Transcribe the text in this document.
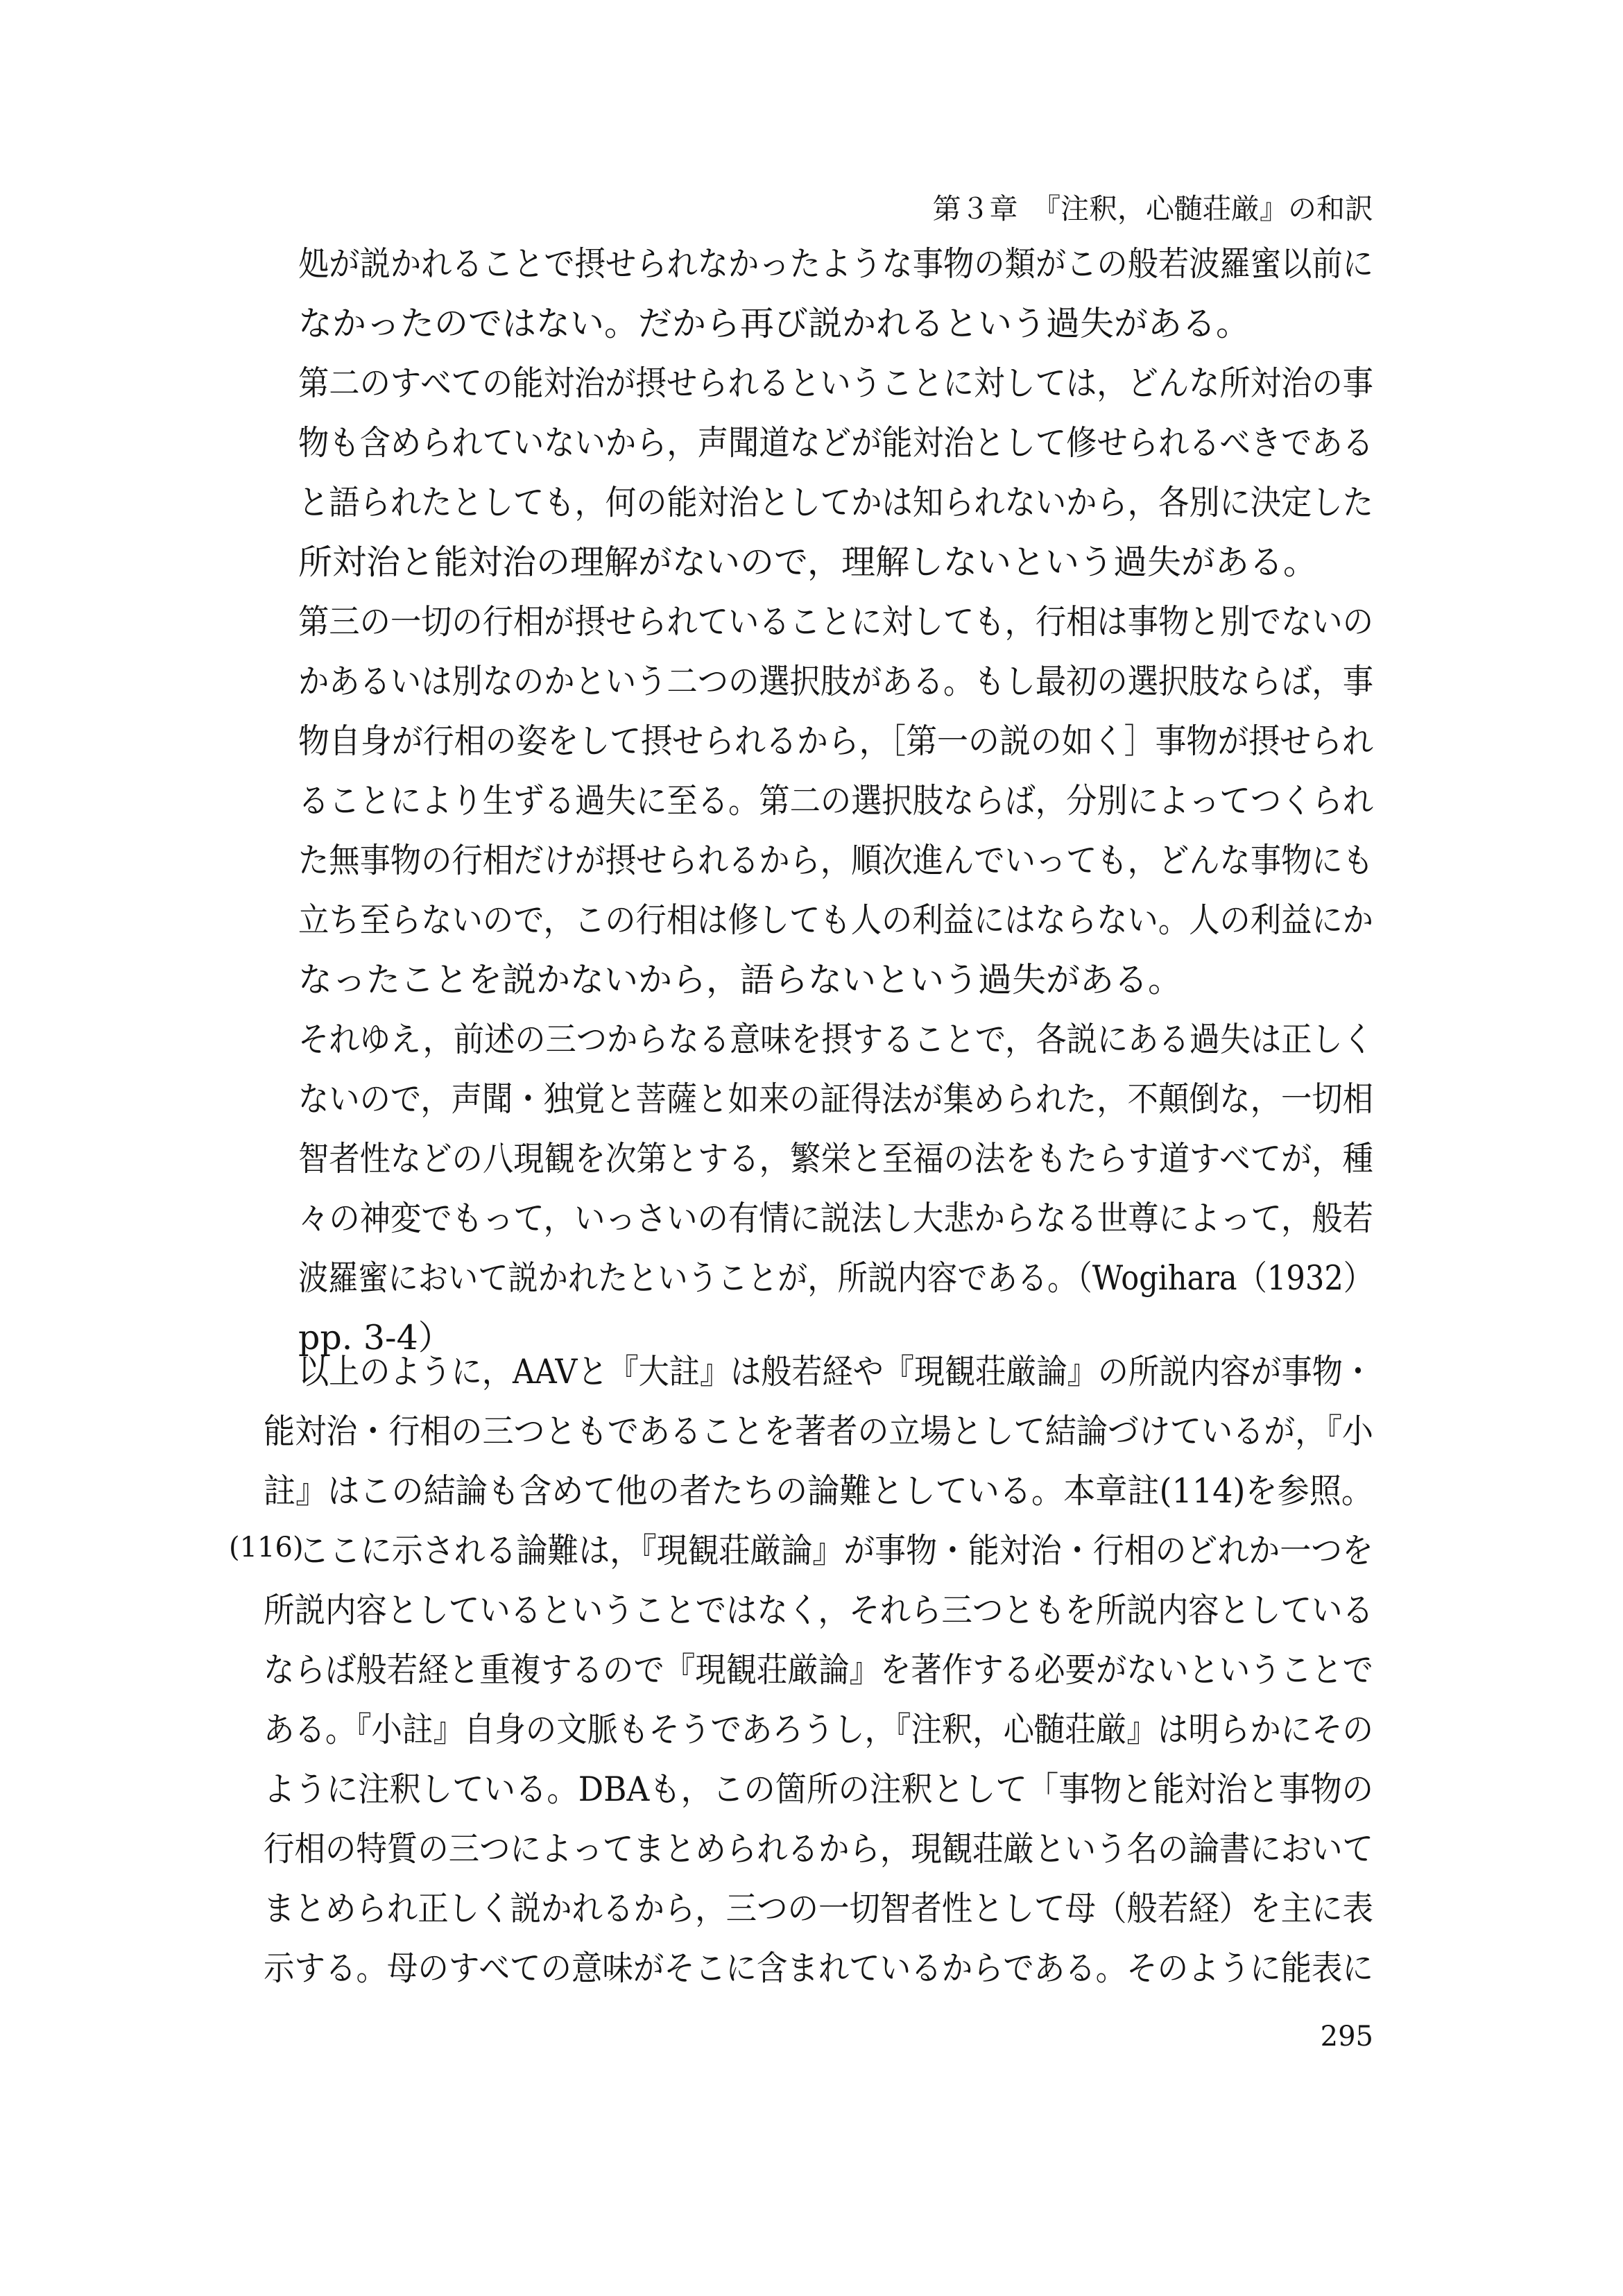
第３章　『注釈，心髄荘厳』の和訳
処が説かれることで摂せられなかったような事物の類がこの般若波羅蜜以前に
なかったのではない。だから再び説かれるという過失がある。
第二のすべての能対治が摂せられるということに対しては，どんな所対治の事
物も含められていないから，声聞道などが能対治として修せられるべきである
と語られたとしても，何の能対治としてかは知られないから，各別に決定した
所対治と能対治の理解がないので，理解しないという過失がある。
第三の一切の行相が摂せられていることに対しても，行相は事物と別でないの
かあるいは別なのかという二つの選択肢がある。もし最初の選択肢ならば，事
物自身が行相の姿をして摂せられるから，［第一の説の如く］事物が摂せられ
ることにより生ずる過失に至る。第二の選択肢ならば，分別によってつくられ
た無事物の行相だけが摂せられるから，順次進んでいっても，どんな事物にも
立ち至らないので，この行相は修しても人の利益にはならない。人の利益にか
なったことを説かないから，語らないという過失がある。
それゆえ，前述の三つからなる意味を摂することで，各説にある過失は正しく
ないので，声聞・独覚と菩薩と如来の証得法が集められた，不顛倒な，一切相
智者性などの八現観を次第とする，繁栄と至福の法をもたらす道すべてが，種
々の神変でもって，いっさいの有情に説法し大悲からなる世尊によって，般若
波羅蜜において説かれたということが，所説内容である。（Wogihara（1932）
pp. 3-4）
以上のように，AAVと『大註』は般若経や『現観荘厳論』の所説内容が事物・
能対治・行相の三つともであることを著者の立場として結論づけているが，『小
註』はこの結論も含めて他の者たちの論難としている。本章註(114)を参照。
ここに示される論難は，『現観荘厳論』が事物・能対治・行相のどれか一つを
所説内容としているということではなく，それら三つともを所説内容としている
ならば般若経と重複するので『現観荘厳論』を著作する必要がないということで
ある。『小註』自身の文脈もそうであろうし，『注釈，心髄荘厳』は明らかにその
ように注釈している。DBAも，この箇所の注釈として「事物と能対治と事物の
行相の特質の三つによってまとめられるから，現観荘厳という名の論書において
まとめられ正しく説かれるから，三つの一切智者性として母（般若経）を主に表
示する。母のすべての意味がそこに含まれているからである。そのように能表に
(116)
295
